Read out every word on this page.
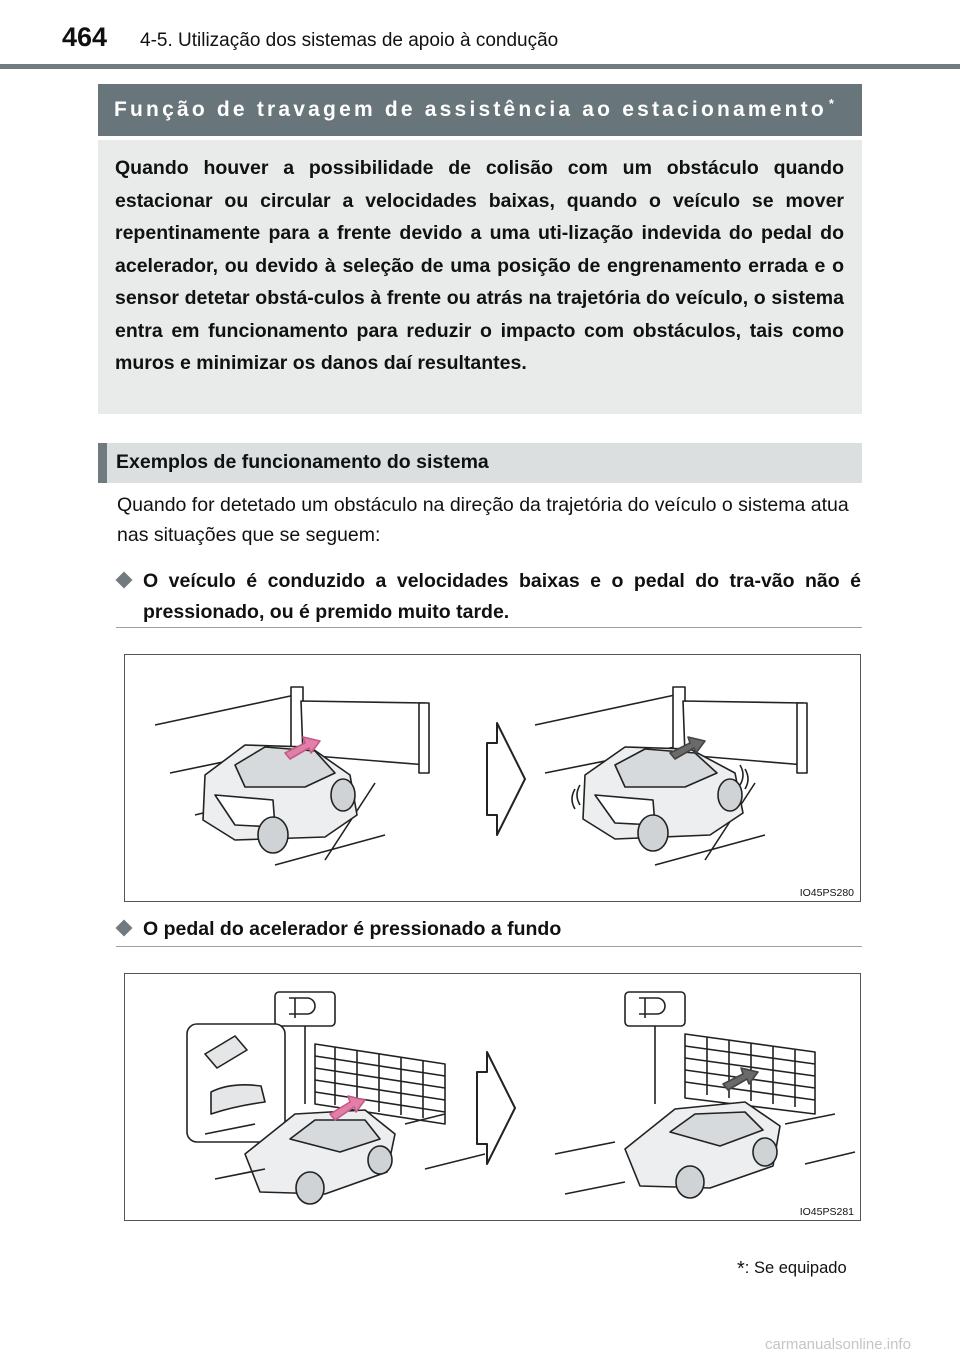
464 4-5. Utilização dos sistemas de apoio à condução
Função de travagem de assistência ao estacionamento *
Quando houver a possibilidade de colisão com um obstáculo quando estacionar ou circular a velocidades baixas, quando o veículo se mover repentinamente para a frente devido a uma uti-lização indevida do pedal do acelerador, ou devido à seleção de uma posição de engrenamento errada e o sensor detetar obstá-culos à frente ou atrás na trajetória do veículo, o sistema entra em funcionamento para reduzir o impacto com obstáculos, tais como muros e minimizar os danos daí resultantes.
Exemplos de funcionamento do sistema
Quando for detetado um obstáculo na direção da trajetória do veículo o sistema atua nas situações que se seguem:
O veículo é conduzido a velocidades baixas e o pedal do tra-vão não é pressionado, ou é premido muito tarde.
IO45PS280
O pedal do acelerador é pressionado a fundo
IO45PS281
*: Se equipado
carmanualsonline.info
